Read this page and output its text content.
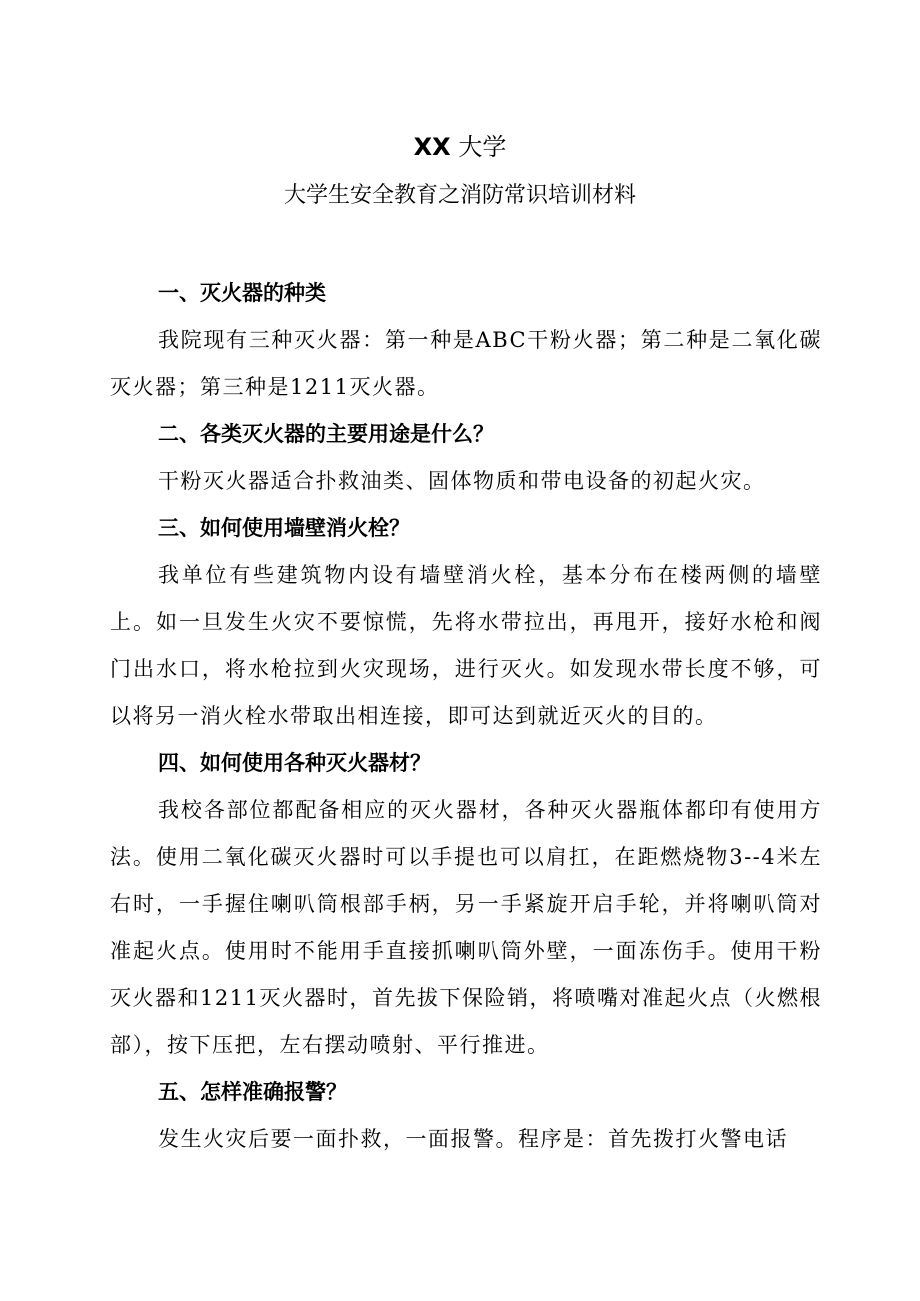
XX 大学
大学生安全教育之消防常识培训材料

一、灭火器的种类

我院现有三种灭火器：第一种是ABC干粉火器；第二种是二氧化碳灭火器；第三种是1211灭火器。

二、各类灭火器的主要用途是什么？

干粉灭火器适合扑救油类、固体物质和带电设备的初起火灾。

三、如何使用墙壁消火栓？

我单位有些建筑物内设有墙壁消火栓，基本分布在楼两侧的墙壁上。如一旦发生火灾不要惊慌，先将水带拉出，再甩开，接好水枪和阀门出水口，将水枪拉到火灾现场，进行灭火。如发现水带长度不够，可以将另一消火栓水带取出相连接，即可达到就近灭火的目的。

四、如何使用各种灭火器材？

我校各部位都配备相应的灭火器材，各种灭火器瓶体都印有使用方法。使用二氧化碳灭火器时可以手提也可以肩扛，在距燃烧物3--4米左右时，一手握住喇叭筒根部手柄，另一手紧旋开启手轮，并将喇叭筒对准起火点。使用时不能用手直接抓喇叭筒外壁，一面冻伤手。使用干粉灭火器和1211灭火器时，首先拔下保险销，将喷嘴对准起火点（火燃根部），按下压把，左右摆动喷射、平行推进。

五、怎样准确报警？

发生火灾后要一面扑救，一面报警。程序是：首先拨打火警电话
